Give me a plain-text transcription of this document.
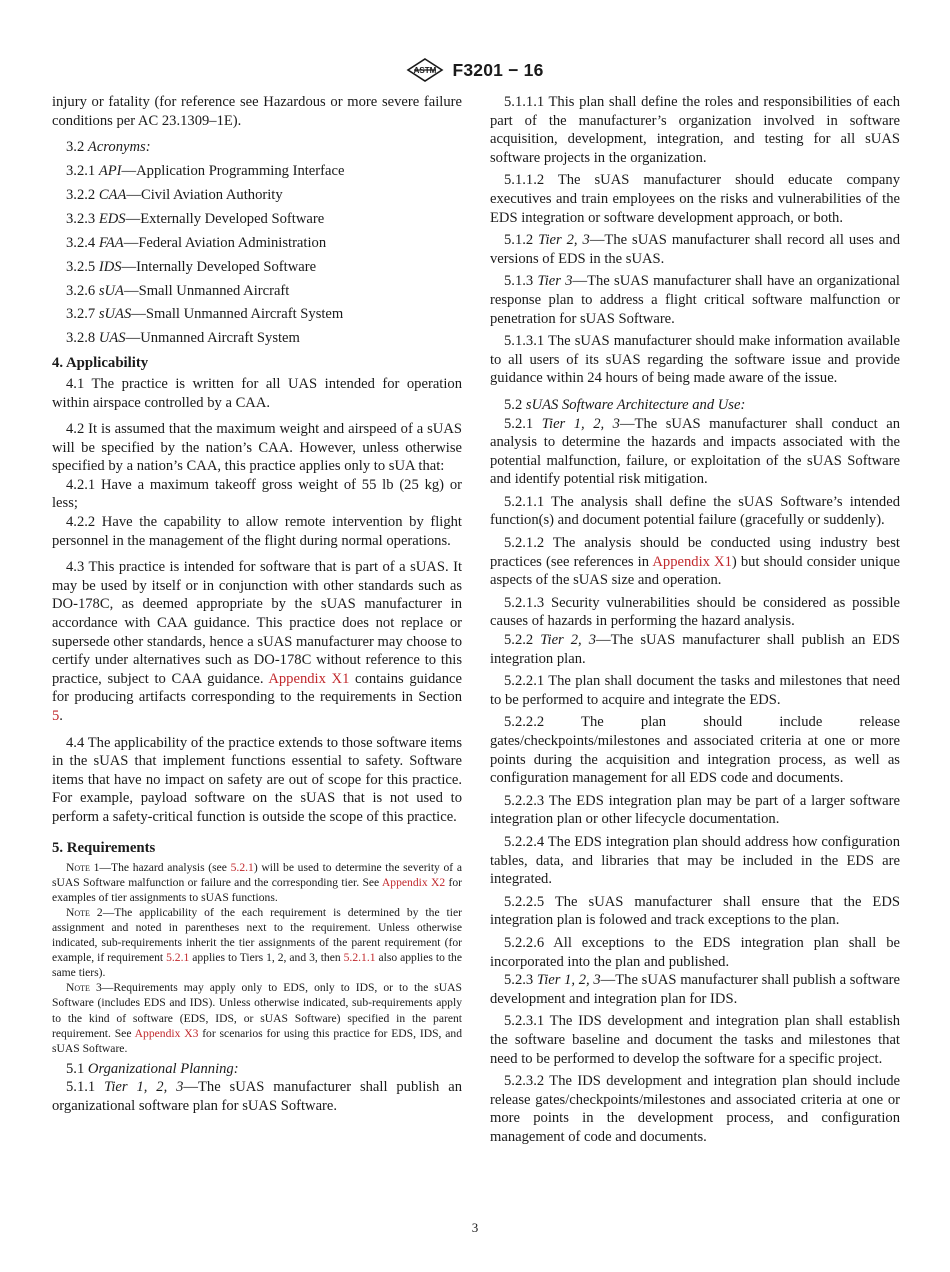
ASTM F3201 − 16

injury or fatality (for reference see Hazardous or more severe failure conditions per AC 23.1309–1E).

3.2 Acronyms:

3.2.1 API—Application Programming Interface

3.2.2 CAA—Civil Aviation Authority

3.2.3 EDS—Externally Developed Software

3.2.4 FAA—Federal Aviation Administration

3.2.5 IDS—Internally Developed Software

3.2.6 sUA—Small Unmanned Aircraft

3.2.7 sUAS—Small Unmanned Aircraft System

3.2.8 UAS—Unmanned Aircraft System

4. Applicability

4.1 The practice is written for all UAS intended for operation within airspace controlled by a CAA.

4.2 It is assumed that the maximum weight and airspeed of a sUAS will be specified by the nation’s CAA. However, unless otherwise specified by a nation’s CAA, this practice applies only to sUA that:

4.2.1 Have a maximum takeoff gross weight of 55 lb (25 kg) or less;

4.2.2 Have the capability to allow remote intervention by flight personnel in the management of the flight during normal operations.

4.3 This practice is intended for software that is part of a sUAS. It may be used by itself or in conjunction with other standards such as DO-178C, as deemed appropriate by the sUAS manufacturer in accordance with CAA guidance. This practice does not replace or supersede other standards, hence a sUAS manufacturer may choose to certify under alternatives such as DO-178C without reference to this practice, subject to CAA guidance. Appendix X1 contains guidance for producing artifacts corresponding to the requirements in Section 5.

4.4 The applicability of the practice extends to those software items in the sUAS that implement functions essential to safety. Software items that have no impact on safety are out of scope for this practice. For example, payload software on the sUAS that is not used to perform a safety-critical function is outside the scope of this practice.

5. Requirements

Note 1—The hazard analysis (see 5.2.1) will be used to determine the severity of a sUAS Software malfunction or failure and the corresponding tier. See Appendix X2 for examples of tier assignments to sUAS functions.

Note 2—The applicability of the each requirement is determined by the tier assignment and noted in parentheses next to the requirement. Unless otherwise indicated, sub-requirements inherit the tier assignments of the parent requirement (for example, if requirement 5.2.1 applies to Tiers 1, 2, and 3, then 5.2.1.1 also applies to the same tiers).

Note 3—Requirements may apply only to EDS, only to IDS, or to the sUAS Software (includes EDS and IDS). Unless otherwise indicated, sub-requirements apply to the kind of software (EDS, IDS, or sUAS Software) specified in the parent requirement. See Appendix X3 for scenarios for using this practice for EDS, IDS, and sUAS Software.

5.1 Organizational Planning:

5.1.1 Tier 1, 2, 3—The sUAS manufacturer shall publish an organizational software plan for sUAS Software.

5.1.1.1 This plan shall define the roles and responsibilities of each part of the manufacturer’s organization involved in software acquisition, development, integration, and testing for all sUAS software projects in the organization.

5.1.1.2 The sUAS manufacturer should educate company executives and train employees on the risks and vulnerabilities of the EDS integration or software development approach, or both.

5.1.2 Tier 2, 3—The sUAS manufacturer shall record all uses and versions of EDS in the sUAS.

5.1.3 Tier 3—The sUAS manufacturer shall have an organizational response plan to address a flight critical software malfunction or penetration for sUAS Software.

5.1.3.1 The sUAS manufacturer should make information available to all users of its sUAS regarding the software issue and provide guidance within 24 hours of being made aware of the issue.

5.2 sUAS Software Architecture and Use:

5.2.1 Tier 1, 2, 3—The sUAS manufacturer shall conduct an analysis to determine the hazards and impacts associated with the potential malfunction, failure, or exploitation of the sUAS Software and identify potential risk mitigation.

5.2.1.1 The analysis shall define the sUAS Software’s intended function(s) and document potential failure (gracefully or suddenly).

5.2.1.2 The analysis should be conducted using industry best practices (see references in Appendix X1) but should consider unique aspects of the sUAS size and operation.

5.2.1.3 Security vulnerabilities should be considered as possible causes of hazards in performing the hazard analysis.

5.2.2 Tier 2, 3—The sUAS manufacturer shall publish an EDS integration plan.

5.2.2.1 The plan shall document the tasks and milestones that need to be performed to acquire and integrate the EDS.

5.2.2.2 The plan should include release gates/checkpoints/milestones and associated criteria at one or more points during the acquisition and integration process, as well as configuration management for all EDS code and documents.

5.2.2.3 The EDS integration plan may be part of a larger software integration plan or other lifecycle documentation.

5.2.2.4 The EDS integration plan should address how configuration tables, data, and libraries that may be included in the EDS are integrated.

5.2.2.5 The sUAS manufacturer shall ensure that the EDS integration plan is folowed and track exceptions to the plan.

5.2.2.6 All exceptions to the EDS integration plan shall be incorporated into the plan and published.

5.2.3 Tier 1, 2, 3—The sUAS manufacturer shall publish a software development and integration plan for IDS.

5.2.3.1 The IDS development and integration plan shall establish the software baseline and document the tasks and milestones that need to be performed to develop the software for a specific project.

5.2.3.2 The IDS development and integration plan should include release gates/checkpoints/milestones and associated criteria at one or more points in the development process, and configuration management of code and documents.

3
